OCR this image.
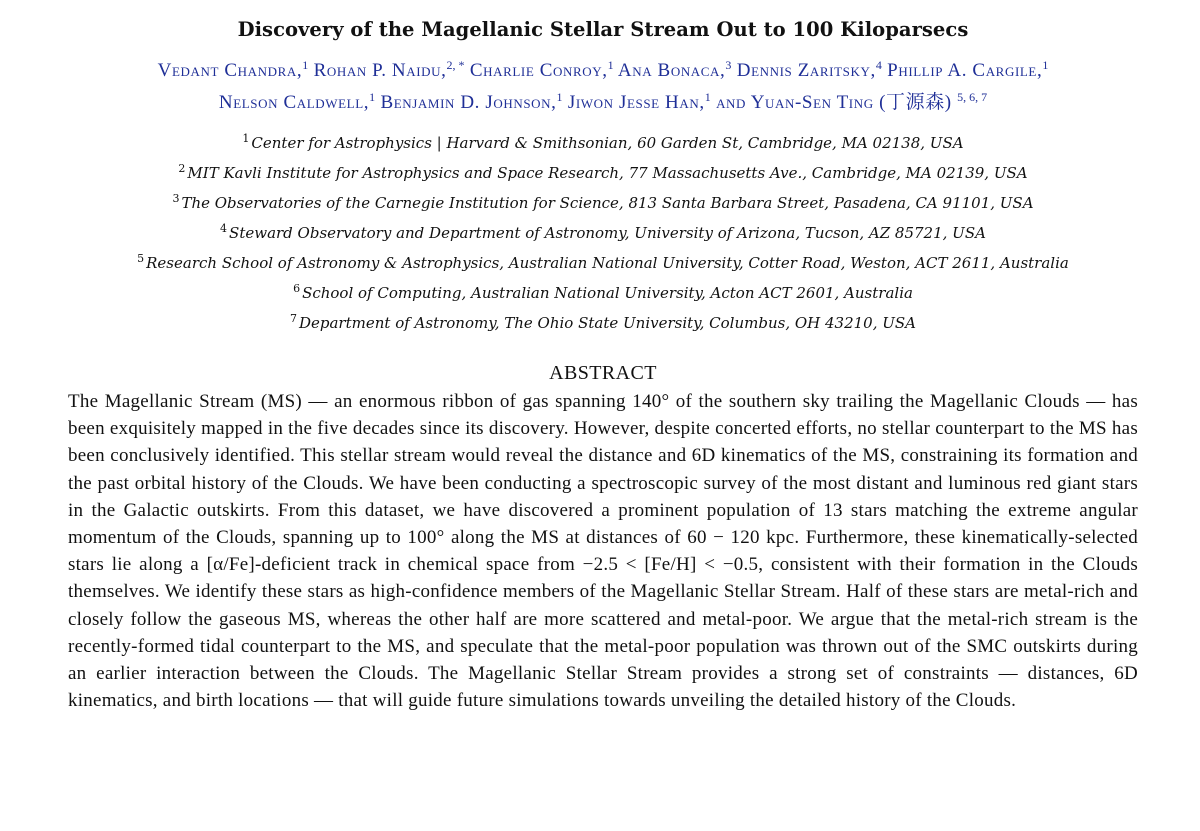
Discovery of the Magellanic Stellar Stream Out to 100 Kiloparsecs
Vedant Chandra,$^1$ Rohan P. Naidu,$^{2, *}$ Charlie Conroy,$^1$ Ana Bonaca,$^3$ Dennis Zaritsky,$^4$ Phillip A. Cargile,$^1$
Nelson Caldwell,$^1$ Benjamin D. Johnson,$^1$ Jiwon Jesse Han,$^1$ and Yuan-Sen Ting (丁源森) $^{5, 6, 7}$
$^1$ Center for Astrophysics | Harvard & Smithsonian, 60 Garden St, Cambridge, MA 02138, USA
$^2$ MIT Kavli Institute for Astrophysics and Space Research, 77 Massachusetts Ave., Cambridge, MA 02139, USA
$^3$ The Observatories of the Carnegie Institution for Science, 813 Santa Barbara Street, Pasadena, CA 91101, USA
$^4$ Steward Observatory and Department of Astronomy, University of Arizona, Tucson, AZ 85721, USA
$^5$ Research School of Astronomy & Astrophysics, Australian National University, Cotter Road, Weston, ACT 2611, Australia
$^6$ School of Computing, Australian National University, Acton ACT 2601, Australia
$^7$ Department of Astronomy, The Ohio State University, Columbus, OH 43210, USA
ABSTRACT
The Magellanic Stream (MS) — an enormous ribbon of gas spanning 140° of the southern sky trailing the Magellanic Clouds — has been exquisitely mapped in the five decades since its discovery. However, despite concerted efforts, no stellar counterpart to the MS has been conclusively identified. This stellar stream would reveal the distance and 6D kinematics of the MS, constraining its formation and the past orbital history of the Clouds. We have been conducting a spectroscopic survey of the most distant and luminous red giant stars in the Galactic outskirts. From this dataset, we have discovered a prominent population of 13 stars matching the extreme angular momentum of the Clouds, spanning up to 100° along the MS at distances of 60 − 120 kpc. Furthermore, these kinematically-selected stars lie along a [α/Fe]-deficient track in chemical space from −2.5 < [Fe/H] < −0.5, consistent with their formation in the Clouds themselves. We identify these stars as high-confidence members of the Magellanic Stellar Stream. Half of these stars are metal-rich and closely follow the gaseous MS, whereas the other half are more scattered and metal-poor. We argue that the metal-rich stream is the recently-formed tidal counterpart to the MS, and speculate that the metal-poor population was thrown out of the SMC outskirts during an earlier interaction between the Clouds. The Magellanic Stellar Stream provides a strong set of constraints — distances, 6D kinematics, and birth locations — that will guide future simulations towards unveiling the detailed history of the Clouds.
